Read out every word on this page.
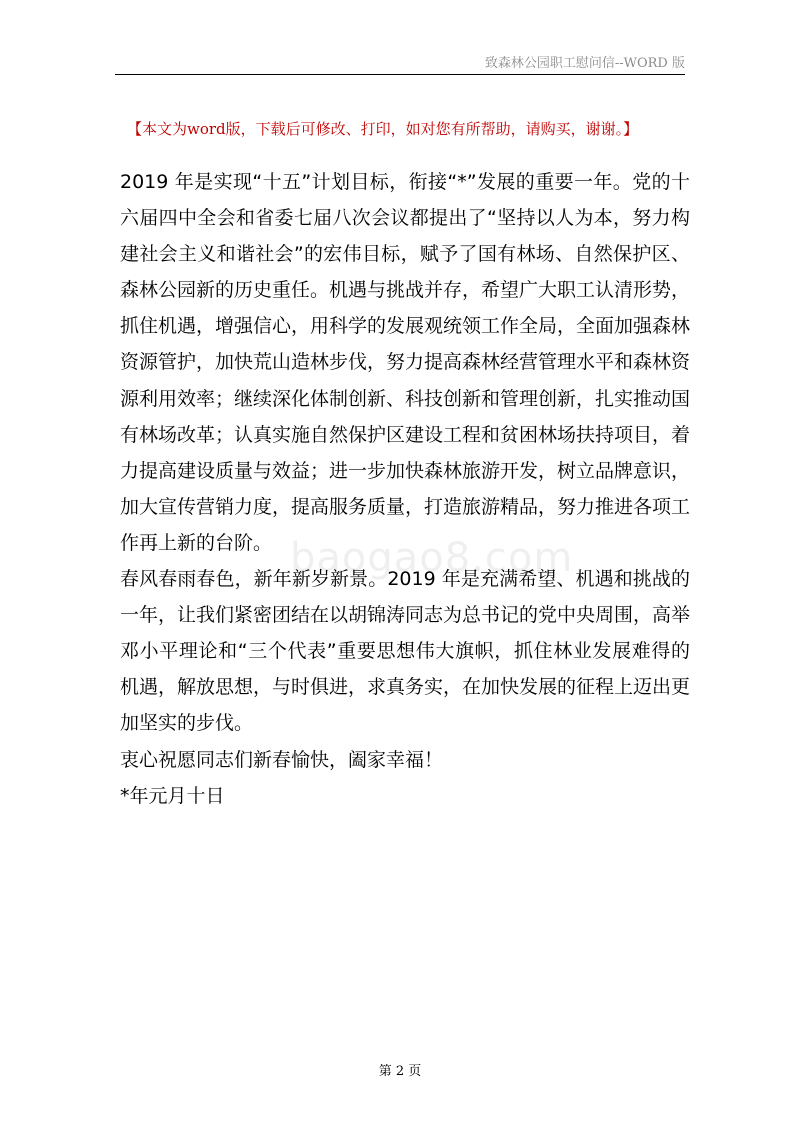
致森林公园职工慰问信--WORD 版
【本文为word版，下载后可修改、打印，如对您有所帮助，请购买，谢谢。】

2019 年是实现“十五”计划目标，衔接“*”发展的重要一年。党的十六届四中全会和省委七届八次会议都提出了“坚持以人为本，努力构建社会主义和谐社会”的宏伟目标，赋予了国有林场、自然保护区、森林公园新的历史重任。机遇与挑战并存，希望广大职工认清形势，抓住机遇，增强信心，用科学的发展观统领工作全局，全面加强森林资源管护，加快荒山造林步伐，努力提高森林经营管理水平和森林资源利用效率；继续深化体制创新、科技创新和管理创新，扎实推动国有林场改革；认真实施自然保护区建设工程和贫困林场扶持项目，着力提高建设质量与效益；进一步加快森林旅游开发，树立品牌意识，加大宣传营销力度，提高服务质量，打造旅游精品，努力推进各项工作再上新的台阶。

春风春雨春色，新年新岁新景。2019 年是充满希望、机遇和挑战的一年，让我们紧密团结在以胡锦涛同志为总书记的党中央周围，高举邓小平理论和“三个代表”重要思想伟大旗帜，抓住林业发展难得的机遇，解放思想，与时俱进，求真务实，在加快发展的征程上迈出更加坚实的步伐。

衷心祝愿同志们新春愉快，阖家幸福！

*年元月十日

baogao8.com
第 2 页
